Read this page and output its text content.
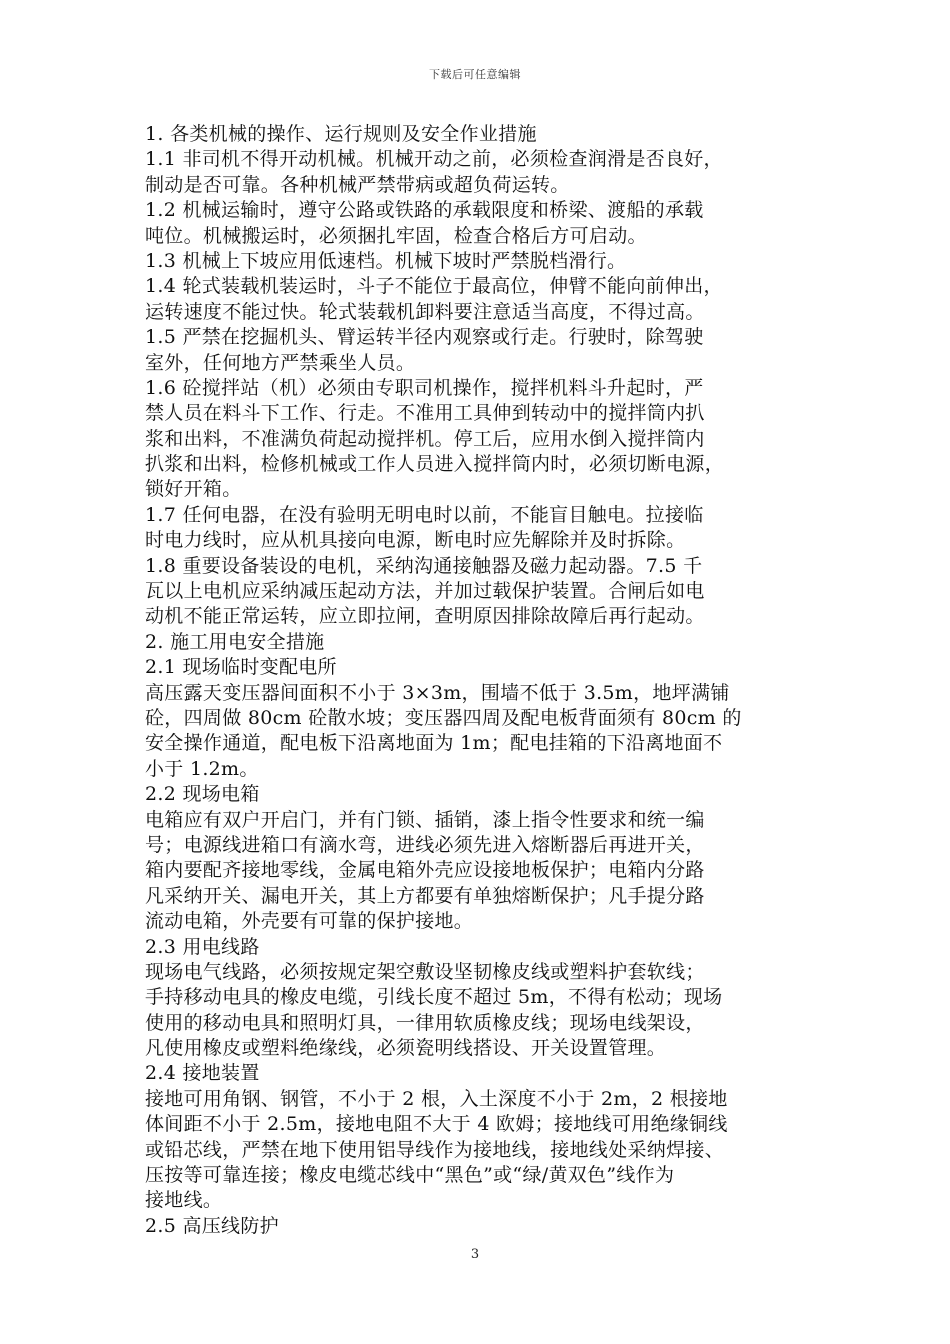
下载后可任意编辑
1. 各类机械的操作、运行规则及安全作业措施
1.1 非司机不得开动机械。机械开动之前，必须检查润滑是否良好，
制动是否可靠。各种机械严禁带病或超负荷运转。
1.2 机械运输时，遵守公路或铁路的承载限度和桥梁、渡船的承载
吨位。机械搬运时，必须捆扎牢固，检查合格后方可启动。
1.3 机械上下坡应用低速档。机械下坡时严禁脱档滑行。
1.4 轮式装载机装运时，斗子不能位于最高位，伸臂不能向前伸出，
运转速度不能过快。轮式装载机卸料要注意适当高度，不得过高。
1.5 严禁在挖掘机头、臂运转半径内观察或行走。行驶时，除驾驶
室外，任何地方严禁乘坐人员。
1.6 砼搅拌站（机）必须由专职司机操作，搅拌机料斗升起时，严
禁人员在料斗下工作、行走。不准用工具伸到转动中的搅拌筒内扒
浆和出料，不准满负荷起动搅拌机。停工后，应用水倒入搅拌筒内
扒浆和出料，检修机械或工作人员进入搅拌筒内时，必须切断电源，
锁好开箱。
1.7 任何电器，在没有验明无明电时以前，不能盲目触电。拉接临
时电力线时，应从机具接向电源，断电时应先解除并及时拆除。
1.8 重要设备装设的电机，采纳沟通接触器及磁力起动器。7.5 千
瓦以上电机应采纳减压起动方法，并加过载保护装置。合闸后如电
动机不能正常运转，应立即拉闸，查明原因排除故障后再行起动。
2. 施工用电安全措施
2.1 现场临时变配电所
高压露天变压器间面积不小于 3×3m，围墙不低于 3.5m，地坪满铺
砼，四周做 80cm 砼散水坡；变压器四周及配电板背面须有 80cm 的
安全操作通道，配电板下沿离地面为 1m；配电挂箱的下沿离地面不
小于 1.2m。
2.2 现场电箱
电箱应有双户开启门，并有门锁、插销，漆上指令性要求和统一编
号；电源线进箱口有滴水弯，进线必须先进入熔断器后再进开关，
箱内要配齐接地零线，金属电箱外壳应设接地板保护；电箱内分路
凡采纳开关、漏电开关，其上方都要有单独熔断保护；凡手提分路
流动电箱，外壳要有可靠的保护接地。
2.3 用电线路
现场电气线路，必须按规定架空敷设坚韧橡皮线或塑料护套软线；
手持移动电具的橡皮电缆，引线长度不超过 5m，不得有松动；现场
使用的移动电具和照明灯具，一律用软质橡皮线；现场电线架设，
凡使用橡皮或塑料绝缘线，必须瓷明线搭设、开关设置管理。
2.4 接地装置
接地可用角钢、钢管，不小于 2 根，入土深度不小于 2m，2 根接地
体间距不小于 2.5m，接地电阻不大于 4 欧姆；接地线可用绝缘铜线
或铅芯线，严禁在地下使用铝导线作为接地线，接地线处采纳焊接、
压按等可靠连接；橡皮电缆芯线中“黑色”或“绿/黄双色”线作为
接地线。
2.5 高压线防护
3
